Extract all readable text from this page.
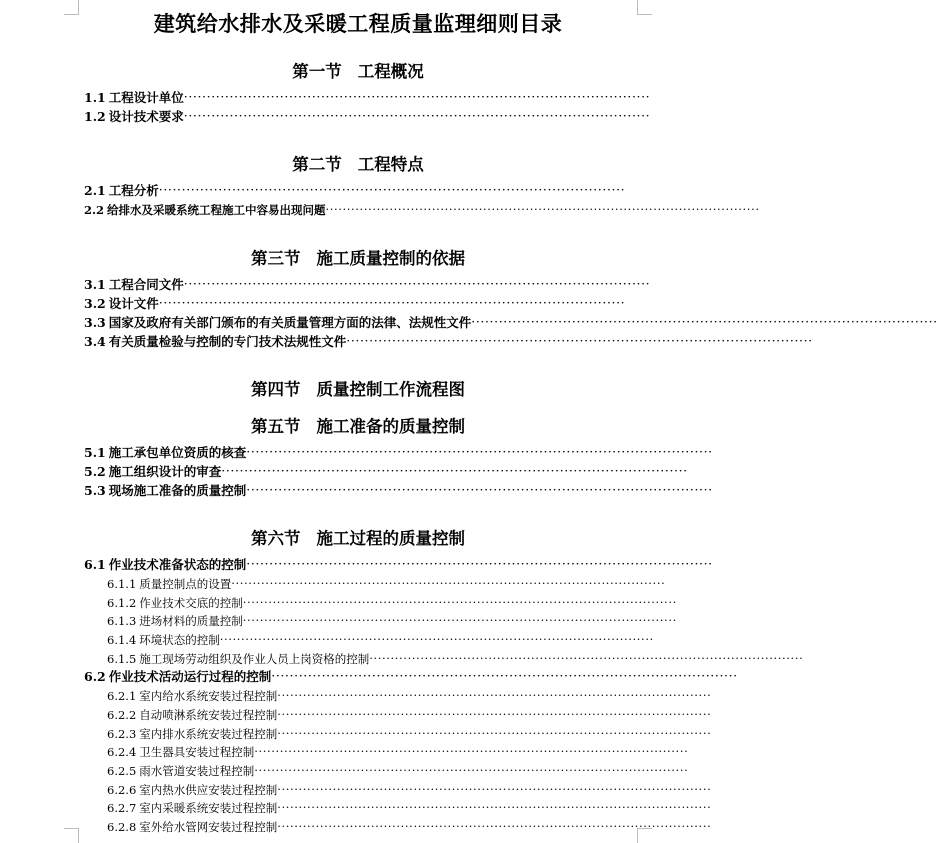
建筑给水排水及采暖工程质量监理细则目录
第一节 工程概况
1.1 工程设计单位······································································································
1.2 设计技术要求······································································································
第二节 工程特点
2.1 工程分析······································································································
2.2 给排水及采暖系统工程施工中容易出现问题······································································································
第三节 施工质量控制的依据
3.1 工程合同文件······································································································
3.2 设计文件······································································································
3.3 国家及政府有关部门颁布的有关质量管理方面的法律、法规性文件······································································································
3.4 有关质量检验与控制的专门技术法规性文件······································································································
第四节 质量控制工作流程图
第五节 施工准备的质量控制
5.1 施工承包单位资质的核查······································································································
5.2 施工组织设计的审查······································································································
5.3 现场施工准备的质量控制······································································································
第六节 施工过程的质量控制
6.1 作业技术准备状态的控制······································································································
6.1.1 质量控制点的设置······································································································
6.1.2 作业技术交底的控制······································································································
6.1.3 进场材料的质量控制······································································································
6.1.4 环境状态的控制······································································································
6.1.5 施工现场劳动组织及作业人员上岗资格的控制······································································································
6.2 作业技术活动运行过程的控制······································································································
6.2.1 室内给水系统安装过程控制······································································································
6.2.2 自动喷淋系统安装过程控制······································································································
6.2.3 室内排水系统安装过程控制······································································································
6.2.4 卫生器具安装过程控制······································································································
6.2.5 雨水管道安装过程控制······································································································
6.2.6 室内热水供应安装过程控制······································································································
6.2.7 室内采暖系统安装过程控制······································································································
6.2.8 室外给水管网安装过程控制······································································································
